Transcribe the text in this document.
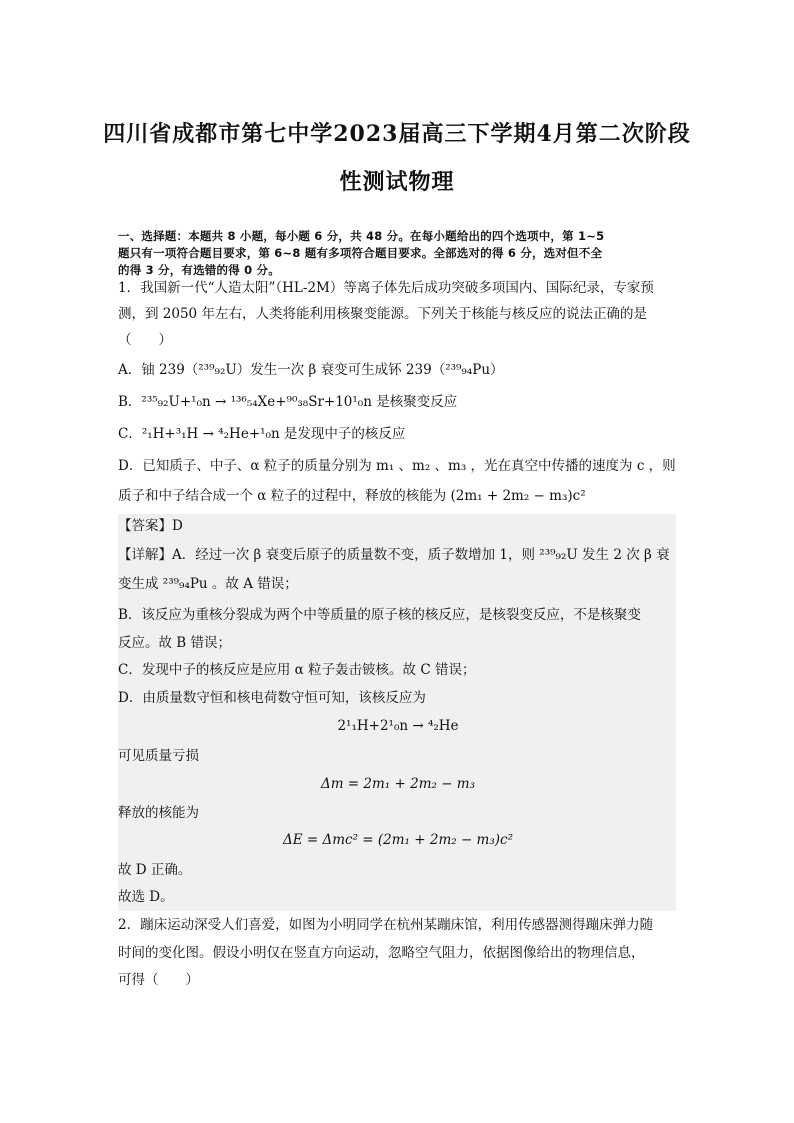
四川省成都市第七中学2023届高三下学期4月第二次阶段
性测试物理
一、选择题：本题共 8 小题，每小题 6 分，共 48 分。在每小题给出的四个选项中，第 1~5
题只有一项符合题目要求，第 6~8 题有多项符合题目要求。全部选对的得 6 分，选对但不全
的得 3 分，有选错的得 0 分。
1．我国新一代“人造太阳”（HL-2M）等离子体先后成功突破多项国内、国际纪录，专家预
测，到 2050 年左右，人类将能利用核聚变能源。下列关于核能与核反应的说法正确的是
（　　）
A．铀 239（²³⁹₉₂U）发生一次 β 衰变可生成钚 239（²³⁹₉₄Pu）
B．²³⁵₉₂U+¹₀n → ¹³⁶₅₄Xe+⁹⁰₃₈Sr+10¹₀n 是核聚变反应
C．²₁H+³₁H → ⁴₂He+¹₀n 是发现中子的核反应
D．已知质子、中子、α 粒子的质量分别为 m₁ 、m₂ 、m₃ ，光在真空中传播的速度为 c ，则
质子和中子结合成一个 α 粒子的过程中，释放的核能为 (2m₁ + 2m₂ − m₃)c²
【答案】D
【详解】A．经过一次 β 衰变后原子的质量数不变，质子数增加 1，则 ²³⁹₉₂U 发生 2 次 β 衰
变生成 ²³⁹₉₄Pu 。故 A 错误；
B．该反应为重核分裂成为两个中等质量的原子核的核反应，是核裂变反应，不是核聚变
反应。故 B 错误；
C．发现中子的核反应是应用 α 粒子轰击铍核。故 C 错误；
D．由质量数守恒和核电荷数守恒可知，该核反应为
2¹₁H+2¹₀n → ⁴₂He
可见质量亏损
Δm = 2m₁ + 2m₂ − m₃
释放的核能为
ΔE = Δmc² = (2m₁ + 2m₂ − m₃)c²
故 D 正确。
故选 D。
2．蹦床运动深受人们喜爱，如图为小明同学在杭州某蹦床馆，利用传感器测得蹦床弹力随
时间的变化图。假设小明仅在竖直方向运动，忽略空气阻力，依据图像给出的物理信息，
可得（　　）
